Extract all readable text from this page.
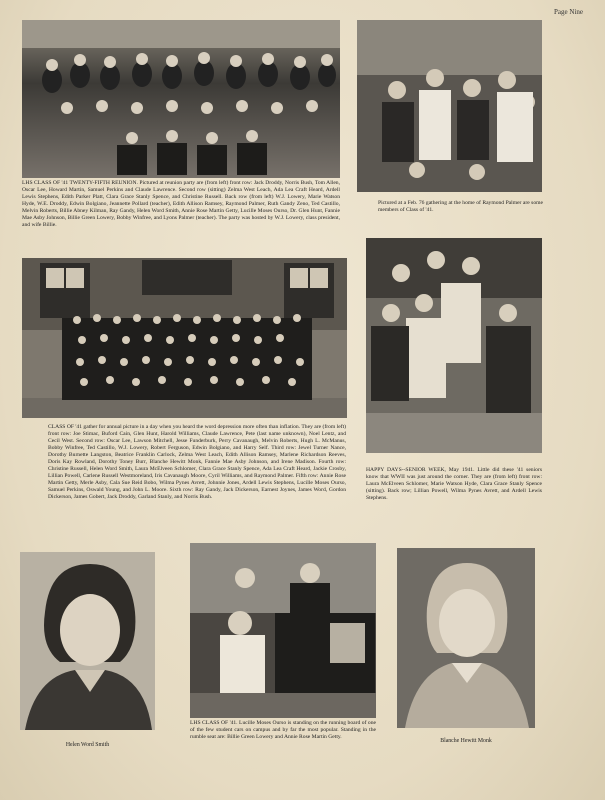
Page Nine

LHS CLASS OF '41 TWENTY-FIFTH REUNION. Pictured at reunion party are (from left) front row: Jack Droddy, Norris Bush, Tom Allen, Oscar Lee, Howard Martin, Samuel Perkins and Claude Lawrence. Second row (sitting) Zelma West Leach, Ada Lea Craft Heard, Ardell Lewis Stephens, Edith Parker Platt, Clara Grace Stanly Spence, and Christine Russell. Back row (from left) W.J. Lowery, Marie Watson Hyde, W.E. Droddy, Edwin Bolgiano, Jeannette Pollard (teacher), Edith Allison Ramsey, Raymond Palmer, Ruth Gandy Zeno, Ted Castillo, Melvin Roberts, Billie Abney Kilman, Ray Gandy, Helen Word Smith, Annie Rose Martin Getty, Lucille Moses Ourso, Dr. Glen Hunt, Fannie Mae Asby Johnson, Billie Green Lowery, Bobby Winfree, and Lyons Palmer (teacher). The party was hosted by W.J. Lowery, class president, and wife Billie.

Pictured at a Feb. 76 gathering at the home of Raymond Palmer are some members of Class of '41.

CLASS OF '41 gather for annual picture in a day when you heard the word depression more often than inflation. They are (from left) front row: Joe Stimac, Buford Cain, Glen Hunt, Harold Williams, Claude Lawrence, Pete (last name unknown), Noel Lentz, and Cecil West. Second row: Oscar Lee, Lawson Mitchell, Jesse Funderburk, Perry Cavanaugh, Melvin Roberts, Hugh L. McManus, Bobby Winfree, Ted Castillo, W.J. Lowery, Robert Ferguson, Edwin Bolgiano, and Harry Self. Third row: Jewel Turner Nance, Dorothy Burnette Langston, Beatrice Franklin Carlock, Zelma West Leach, Edith Allison Ramsey, Marlene Richardson Reeves, Doris Kay Rowland, Dorothy Toney Burr, Blanche Hewitt Monk, Fannie Mae Asby Johnson, and Irene Madison. Fourth row: Christine Russell, Helen Word Smith, Laura McElveen Schlomer, Clara Grace Stanly Spence, Ada Lea Craft Heard, Jackie Crosby, Lillian Powell, Carlene Russell Westmoreland, Iris Cavanaugh Moore, Cyril Williams, and Raymond Palmer. Fifth row: Annie Rose Martin Getty, Merle Asby, Cala Sue Reid Bobo, Wilma Pynes Avrett, Johnnie Jones, Ardell Lewis Stephens, Lucille Moses Ourso, Samuel Perkins, Oswald Young, and John L. Moore. Sixth row: Ray Gandy, Jack Dickerson, Earnest Joynes, James Word, Gordon Dickerson, James Gobert, Jack Droddy, Garland Stanly, and Norris Bush.

HAPPY DAYS--SENIOR WEEK, May 1941. Little did these '41 seniors know that WWII was just around the corner. They are (from left) front row: Laura McElveen Schlomer, Marie Watson Hyde, Clara Grace Stanly Spence (sitting). Back row; Lillian Powell, Wilma Pynes Avrett, and Ardell Lewis Stephens.

Helen Word Smith

LHS CLASS OF '41. Lucille Moses Ourso is standing on the running board of one of the few student cars on campus and by far the most popular. Standing in the rumble seat are: Billie Green Lowery and Annie Rose Martin Getty.

Blanche Hewitt Monk
